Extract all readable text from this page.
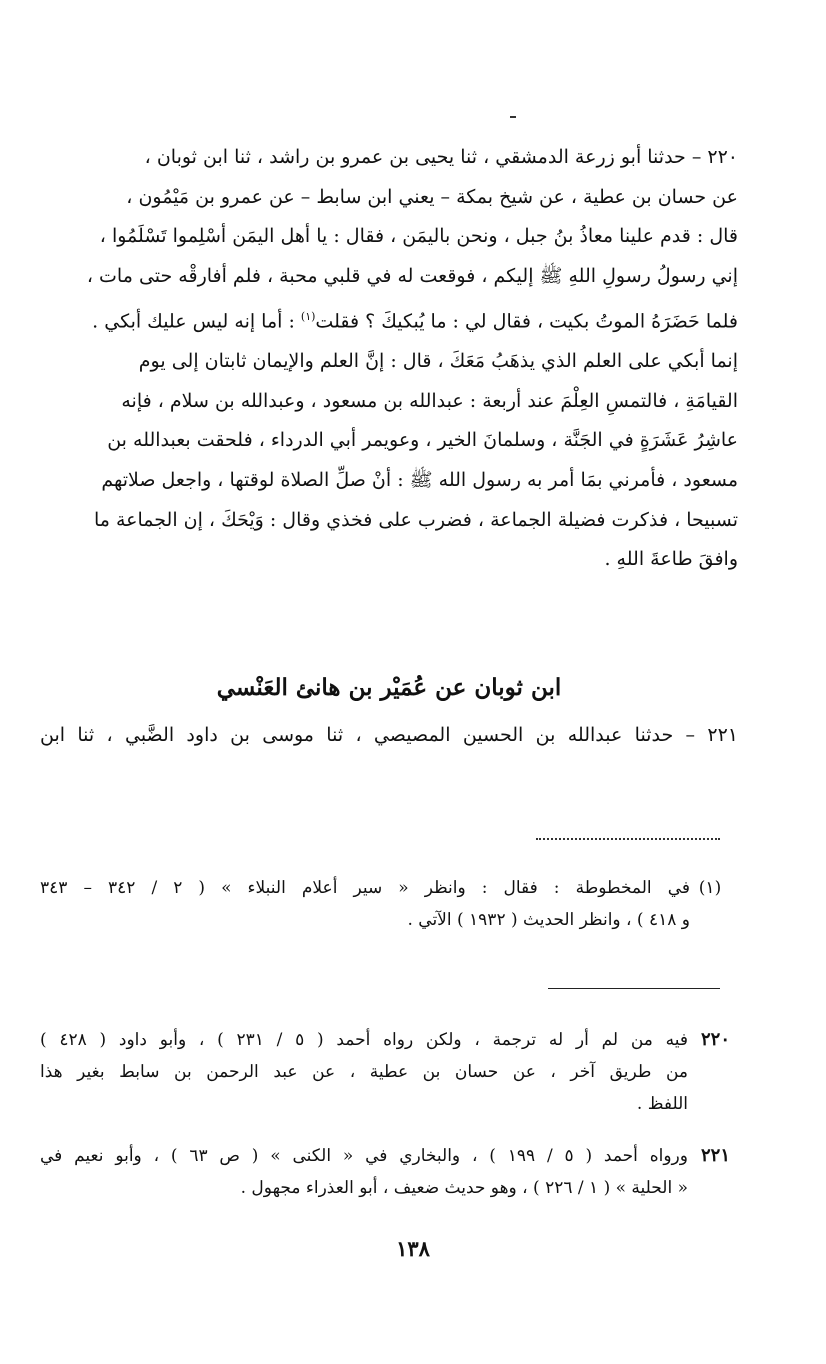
٢٢٠ – حدثنا أبو زرعة الدمشقي ، ثنا يحيى بن عمرو بن راشد ، ثنا ابن ثوبان ،

عن حسان بن عطية ، عن شيخ بمكة – يعني ابن سابط – عن عمرو بن مَيْمُون ،

قال : قدم علينا معاذُ بنُ جبل ، ونحن باليمَن ، فقال : يا أهل اليمَن أسْلِموا تَسْلَمُوا ،

إني رسولُ رسولِ اللهِ ﷺ إليكم ، فوقعت له في قلبي محبة ، فلم أفارقْه حتى مات ،

فلما حَضَرَهُ الموتُ بكيت ، فقال لي : ما يُبكيكَ ؟ فقلت$^{(١)}$ : أما إنه ليس عليك أبكي .

إنما أبكي على العلم الذي يذهَبُ مَعَكَ ، قال : إنَّ العلم والإيمان ثابتان إلى يوم

القيامَةِ ، فالتمسِ العِلْمَ عند أربعة : عبدالله بن مسعود ، وعبدالله بن سلام ، فإنه

عاشِرُ عَشَرَةٍ في الجَنَّة ، وسلمانَ الخير ، وعويمر أبي الدرداء ، فلحقت بعبدالله بن

مسعود ، فأمرني بمَا أمر به رسول الله ﷺ : أنْ صلِّ الصلاة لوقتها ، واجعل صلاتهم

تسبيحا ، فذكرت فضيلة الجماعة ، فضرب على فخذي وقال : وَيْحَكَ ، إن الجماعة ما

وافقَ طاعةَ اللهِ .

ابن ثوبان عن عُمَيْر بن هانئ العَنْسي
٢٢١ – حدثنا عبدالله بن الحسين المصيصي ، ثنا موسى بن داود الضَّبي ، ثنا ابن
(١)
في المخطوطة : فقال : وانظر « سير أعلام النبلاء » ( ٢ / ٣٤٢ – ٣٤٣
و ٤١٨ ) ، وانظر الحديث ( ١٩٣٢ ) الآتي .
٢٢٠
فيه من لم أر له ترجمة ، ولكن رواه أحمد ( ٥ / ٢٣١ ) ، وأبو داود ( ٤٢٨ )
من طريق آخر ، عن حسان بن عطية ، عن عبد الرحمن بن سابط بغير هذا
اللفظ .
٢٢١
ورواه أحمد ( ٥ / ١٩٩ ) ، والبخاري في « الكنى » ( ص ٦٣ ) ، وأبو نعيم في
« الحلية » ( ١ / ٢٢٦ ) ، وهو حديث ضعيف ، أبو العذراء مجهول .
١٣٨
